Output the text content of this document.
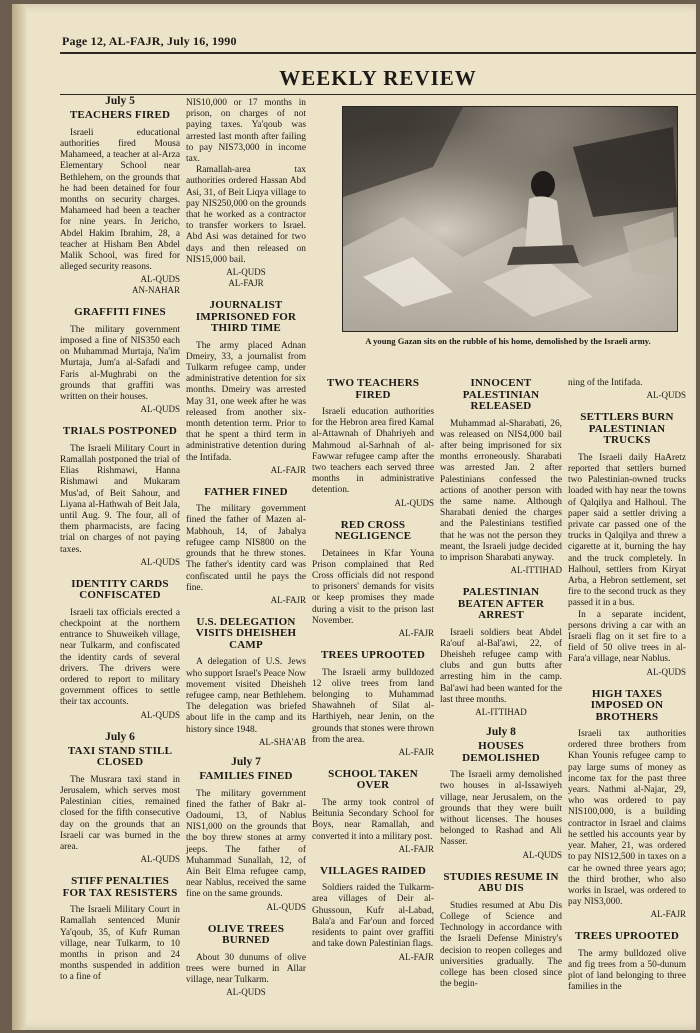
Page 12, AL-FAJR, July 16, 1990
WEEKLY REVIEW
July 5
TEACHERS FIRED

Israeli educational authorities fired Mousa Mahameed, a teacher at al-Arza Elementary School near Bethlehem, on the grounds that he had been detained for four months on security charges. Mahameed had been a teacher for nine years. In Jericho, Abdel Hakim Ibrahim, 28, a teacher at Hisham Ben Abdel Malik School, was fired for alleged security reasons.

AL-QUDS
AN-NAHAR
GRAFFITI FINES

The military government imposed a fine of NIS350 each on Muhammad Murtaja, Na'im Murtaja, Jum'a al-Safadi and Faris al-Mughrabi on the grounds that graffiti was written on their houses.

AL-QUDS
TRIALS POSTPONED

The Israeli Military Court in Ramallah postponed the trial of Elias Rishmawi, Hanna Rishmawi and Mukaram Mus'ad, of Beit Sahour, and Liyana al-Hathwah of Beit Jala, until Aug. 9. The four, all of them pharmacists, are facing trial on charges of not paying taxes.

AL-QUDS
IDENTITY CARDS CONFISCATED

Israeli tax officials erected a checkpoint at the northern entrance to Shuweikeh village, near Tulkarm, and confiscated the identity cards of several drivers. The drivers were ordered to report to military government offices to settle their tax accounts.

AL-QUDS
July 6
TAXI STAND STILL CLOSED

The Musrara taxi stand in Jerusalem, which serves most Palestinian cities, remained closed for the fifth consecutive day on the grounds that an Israeli car was burned in the area.

AL-QUDS
STIFF PENALTIES FOR TAX RESISTERS

The Israeli Military Court in Ramallah sentenced Munir Ya'qoub, 35, of Kufr Ruman village, near Tulkarm, to 10 months in prison and 24 months suspended in addition to a fine of

NIS10,000 or 17 months in prison, on charges of not paying taxes. Ya'qoub was arrested last month after failing to pay NIS73,000 in income tax.

Ramallah-area tax authorities ordered Hassan Abd Asi, 31, of Beit Liqya village to pay NIS250,000 on the grounds that he worked as a contractor to transfer workers to Israel. Abd Asi was detained for two days and then released on NIS15,000 bail.

AL-QUDS
AL-FAJR
JOURNALIST IMPRISONED FOR THIRD TIME

The army placed Adnan Dmeiry, 33, a journalist from Tulkarm refugee camp, under administrative detention for six months. Dmeiry was arrested May 31, one week after he was released from another six-month detention term. Prior to that he spent a third term in administrative detention during the Intifada.

AL-FAJR
FATHER FINED

The military government fined the father of Mazen al-Mabhouh, 14, of Jabalya refugee camp NIS800 on the grounds that he threw stones. The father's identity card was confiscated until he pays the fine.

AL-FAJR
U.S. DELEGATION VISITS DHEISHEH CAMP

A delegation of U.S. Jews who support Israel's Peace Now movement visited Dheisheh refugee camp, near Bethlehem. The delegation was briefed about life in the camp and its history since 1948.

AL-SHA'AB
July 7
FAMILIES FINED

The military government fined the father of Bakr al-Oadoumi, 13, of Nablus NIS1,000 on the grounds that the boy threw stones at army jeeps. The father of Muhammad Sunallah, 12, of Ain Beit Elma refugee camp, near Nablus, received the same fine on the same grounds.

AL-QUDS
OLIVE TREES BURNED

About 30 dunums of olive trees were burned in Allar village, near Tulkarm.

AL-QUDS
A young Gazan sits on the rubble of his home, demolished by the Israeli army.
TWO TEACHERS FIRED

Israeli education authorities for the Hebron area fired Kamal al-Attawnah of Dhahriyeh and Mahmoud al-Sarhnah of al-Fawwar refugee camp after the two teachers each served three months in administrative detention.

AL-QUDS
RED CROSS NEGLIGENCE

Detainees in Kfar Youna Prison complained that Red Cross officials did not respond to prisoners' demands for visits or keep promises they made during a visit to the prison last November.

AL-FAJR
TREES UPROOTED

The Israeli army bulldozed 12 olive trees from land belonging to Muhammad Shawahneh of Silat al-Harthiyeh, near Jenin, on the grounds that stones were thrown from the area.

AL-FAJR
SCHOOL TAKEN OVER

The army took control of Beitunia Secondary School for Boys, near Ramallah, and converted it into a military post.

AL-FAJR
VILLAGES RAIDED

Soldiers raided the Tulkarm-area villages of Deir al-Ghussoun, Kufr al-Labad, Bala'a and Far'oun and forced residents to paint over graffiti and take down Palestinian flags.

AL-FAJR
INNOCENT PALESTINIAN RELEASED

Muhammad al-Sharabati, 26, was released on NIS4,000 bail after being imprisoned for six months erroneously. Sharabati was arrested Jan. 2 after Palestinians confessed the actions of another person with the same name. Although Sharabati denied the charges and the Palestinians testified that he was not the person they meant, the Israeli judge decided to imprison Sharabati anyway.

AL-ITTIHAD
PALESTINIAN BEATEN AFTER ARREST

Israeli soldiers beat Abdel Ra'ouf al-Bal'awi, 22, of Dheisheh refugee camp with clubs and gun butts after arresting him in the camp. Bal'awi had been wanted for the last three months.

AL-ITTIHAD
July 8
HOUSES DEMOLISHED

The Israeli army demolished two houses in al-Issawiyeh village, near Jerusalem, on the grounds that they were built without licenses. The houses belonged to Rashad and Ali Nasser.

AL-QUDS
STUDIES RESUME IN ABU DIS

Studies resumed at Abu Dis College of Science and Technology in accordance with the Israeli Defense Ministry's decision to reopen colleges and universities gradually. The college has been closed since the begin-

ning of the Intifada.

AL-QUDS
SETTLERS BURN PALESTINIAN TRUCKS

The Israeli daily HaAretz reported that settlers burned two Palestinian-owned trucks loaded with hay near the towns of Qalqilya and Halhoul. The paper said a settler driving a private car passed one of the trucks in Qalqilya and threw a cigarette at it, burning the hay and the truck completely. In Halhoul, settlers from Kiryat Arba, a Hebron settlement, set fire to the second truck as they passed it in a bus.

In a separate incident, persons driving a car with an Israeli flag on it set fire to a field of 50 olive trees in al-Fara'a village, near Nablus.

AL-QUDS
HIGH TAXES IMPOSED ON BROTHERS

Israeli tax authorities ordered three brothers from Khan Younis refugee camp to pay large sums of money as income tax for the past three years. Nathmi al-Najar, 29, who was ordered to pay NIS100,000, is a building contractor in Israel and claims he settled his accounts year by year. Maher, 21, was ordered to pay NIS12,500 in taxes on a car he owned three years ago; the third brother, who also works in Israel, was ordered to pay NIS3,000.

AL-FAJR
TREES UPROOTED

The army bulldozed olive and fig trees from a 50-dunum plot of land belonging to three families in the
